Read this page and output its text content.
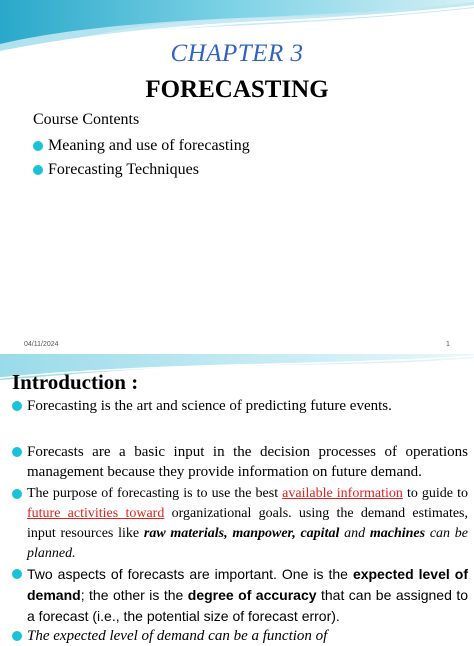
CHAPTER 3
FORECASTING
Course Contents
Meaning and use of forecasting
Forecasting Techniques
04/11/2024	1
Introduction :
Forecasting is the art and science of predicting future events.
Forecasts are a basic input in the decision processes of operations management because they provide information on future demand.
The purpose of forecasting is to use the best available information to guide to future activities toward organizational goals. using the demand estimates, input resources like raw materials, manpower, capital and machines can be planned.
Two aspects of forecasts are important. One is the expected level of demand; the other is the degree of accuracy that can be assigned to a forecast (i.e., the potential size of forecast error).
The expected level of demand can be a function of
